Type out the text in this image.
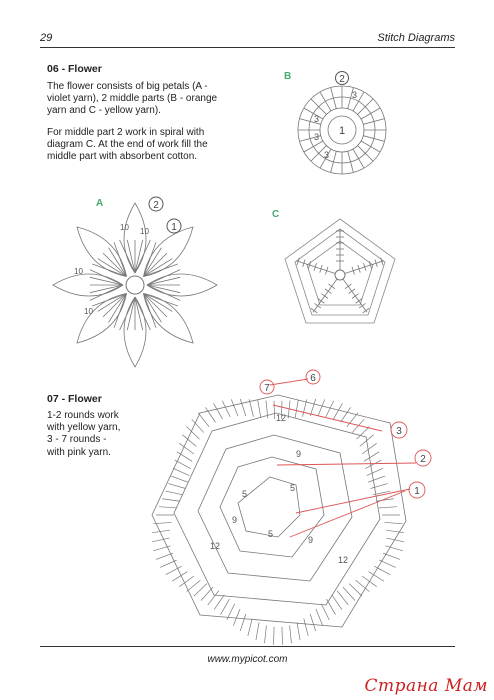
29	Stitch Diagrams
06 - Flower
The flower consists of big petals (A -
violet yarn), 2 middle parts (B - orange
yarn and C - yellow yarn).
For middle part 2 work in spiral with
diagram C. At the end of work fill the
middle part with absorbent cotton.
B
A
C
2
1
3
3
3
3
2
1
10 10
10
10
07 - Flower
1-2 rounds work
with yellow yarn,
3 - 7 rounds -
with pink yarn.
7
6
3
2
1
12
12
12
9
9
9
5
5
5
www.mypicot.com
Страна Мам
